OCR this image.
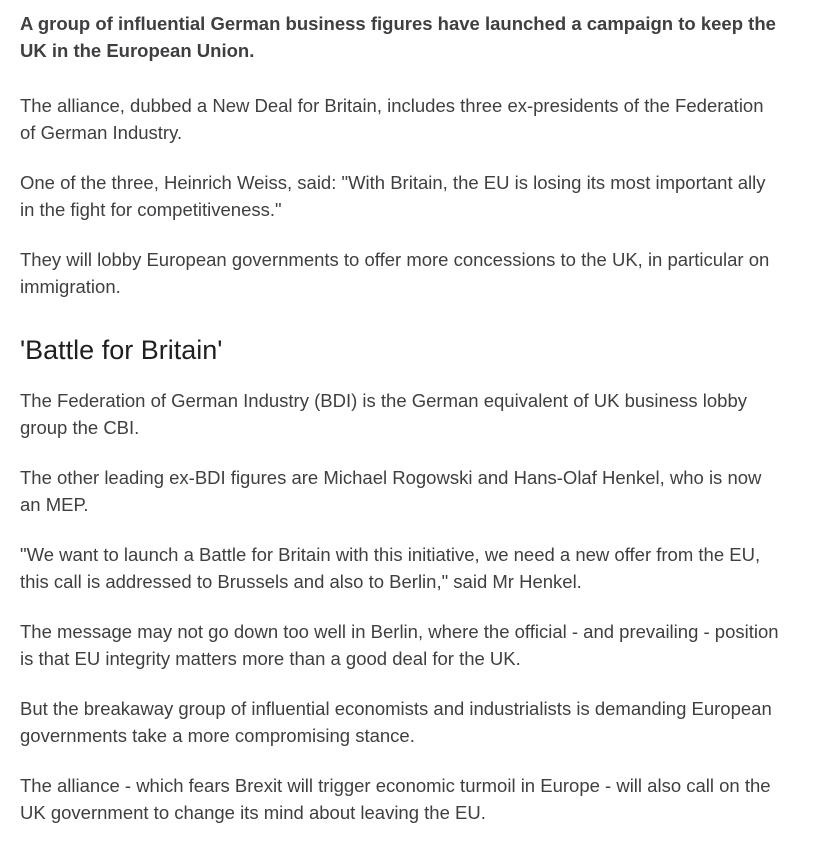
A group of influential German business figures have launched a campaign to keep the UK in the European Union.

The alliance, dubbed a New Deal for Britain, includes three ex-presidents of the Federation of German Industry.

One of the three, Heinrich Weiss, said: "With Britain, the EU is losing its most important ally in the fight for competitiveness."

They will lobby European governments to offer more concessions to the UK, in particular on immigration.

'Battle for Britain'

The Federation of German Industry (BDI) is the German equivalent of UK business lobby group the CBI.

The other leading ex-BDI figures are Michael Rogowski and Hans-Olaf Henkel, who is now an MEP.

"We want to launch a Battle for Britain with this initiative, we need a new offer from the EU, this call is addressed to Brussels and also to Berlin," said Mr Henkel.

The message may not go down too well in Berlin, where the official - and prevailing - position is that EU integrity matters more than a good deal for the UK.

But the breakaway group of influential economists and industrialists is demanding European governments take a more compromising stance.

The alliance - which fears Brexit will trigger economic turmoil in Europe - will also call on the UK government to change its mind about leaving the EU.
